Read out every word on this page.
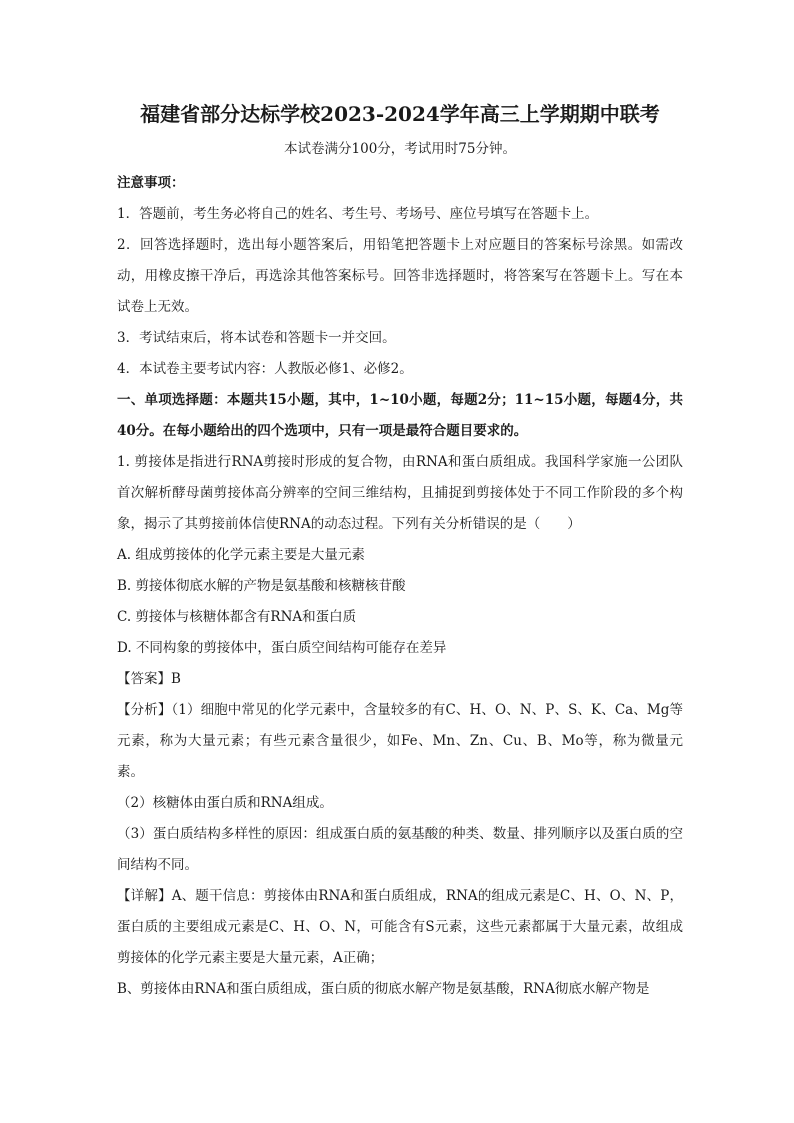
福建省部分达标学校2023-2024学年高三上学期期中联考
本试卷满分100分，考试用时75分钟。

注意事项：

1．答题前，考生务必将自己的姓名、考生号、考场号、座位号填写在答题卡上。

2．回答选择题时，选出每小题答案后，用铅笔把答题卡上对应题目的答案标号涂黑。如需改动，用橡皮擦干净后，再选涂其他答案标号。回答非选择题时，将答案写在答题卡上。写在本试卷上无效。

3．考试结束后，将本试卷和答题卡一并交回。

4．本试卷主要考试内容：人教版必修1、必修2。

一、单项选择题：本题共15小题，其中，1~10小题，每题2分；11~15小题，每题4分，共40分。在每小题给出的四个选项中，只有一项是最符合题目要求的。

1. 剪接体是指进行RNA剪接时形成的复合物，由RNA和蛋白质组成。我国科学家施一公团队首次解析酵母菌剪接体高分辨率的空间三维结构，且捕捉到剪接体处于不同工作阶段的多个构象，揭示了其剪接前体信使RNA的动态过程。下列有关分析错误的是（　　）

A. 组成剪接体的化学元素主要是大量元素

B. 剪接体彻底水解的产物是氨基酸和核糖核苷酸

C. 剪接体与核糖体都含有RNA和蛋白质

D. 不同构象的剪接体中，蛋白质空间结构可能存在差异

【答案】B

【分析】（1）细胞中常见的化学元素中，含量较多的有C、H、O、N、P、S、K、Ca、Mg等元素，称为大量元素；有些元素含量很少，如Fe、Mn、Zn、Cu、B、Mo等，称为微量元素。

（2）核糖体由蛋白质和RNA组成。

（3）蛋白质结构多样性的原因：组成蛋白质的氨基酸的种类、数量、排列顺序以及蛋白质的空间结构不同。

【详解】A、题干信息：剪接体由RNA和蛋白质组成，RNA的组成元素是C、H、O、N、P，蛋白质的主要组成元素是C、H、O、N，可能含有S元素，这些元素都属于大量元素，故组成剪接体的化学元素主要是大量元素，A正确；

B、剪接体由RNA和蛋白质组成，蛋白质的彻底水解产物是氨基酸，RNA彻底水解产物是
